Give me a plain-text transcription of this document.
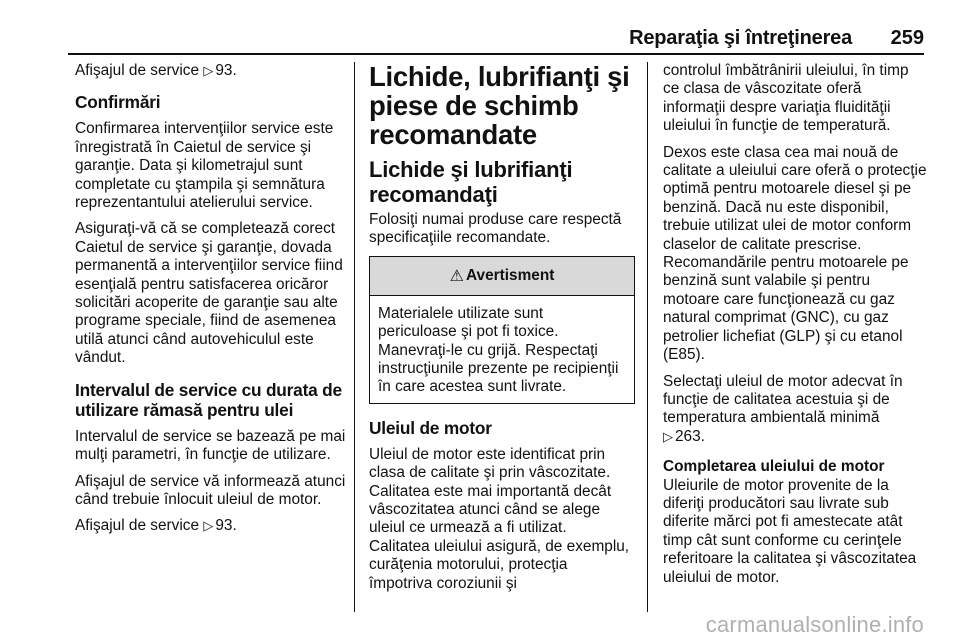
Reparaţia şi întreţinerea 259

Afişajul de service ▷ 93.

Confirmări

Confirmarea intervenţiilor service este înregistrată în Caietul de service şi garanţie. Data şi kilometrajul sunt completate cu ştampila şi semnătura reprezentantului atelierului service.

Asiguraţi-vă că se completează corect Caietul de service şi garanţie, dovada permanentă a intervenţiilor service fiind esenţială pentru satisfacerea oricăror solicitări acoperite de garanţie sau alte programe speciale, fiind de asemenea utilă atunci când autovehiculul este vândut.

Intervalul de service cu durata de utilizare rămasă pentru ulei

Intervalul de service se bazează pe mai mulţi parametri, în funcţie de utilizare.

Afişajul de service vă informează atunci când trebuie înlocuit uleiul de motor.

Afişajul de service ▷ 93.

Lichide, lubrifianţi şi piese de schimb recomandate
Lichide şi lubrifianţi recomandaţi

Folosiţi numai produse care respectă specificaţiile recomandate.

⚠ Avertisment

Materialele utilizate sunt periculoase şi pot fi toxice. Manevraţi-le cu grijă. Respectaţi instrucţiunile prezente pe recipienţii în care acestea sunt livrate.

Uleiul de motor

Uleiul de motor este identificat prin clasa de calitate şi prin vâscozitate. Calitatea este mai importantă decât vâscozitatea atunci când se alege uleiul ce urmează a fi utilizat.

Calitatea uleiului asigură, de exemplu, curăţenia motorului, protecţia împotriva coroziunii şi

controlul îmbătrânirii uleiului, în timp ce clasa de vâscozitate oferă informaţii despre variaţia fluidităţii uleiului în funcţie de temperatură.

Dexos este clasa cea mai nouă de calitate a uleiului care oferă o protecţie optimă pentru motoarele diesel şi pe benzină. Dacă nu este disponibil, trebuie utilizat ulei de motor conform claselor de calitate prescrise. Recomandările pentru motoarele pe benzină sunt valabile şi pentru motoare care funcţionează cu gaz natural comprimat (GNC), cu gaz petrolier lichefiat (GLP) şi cu etanol (E85).

Selectaţi uleiul de motor adecvat în funcţie de calitatea acestuia şi de temperatura ambientală minimă
▷ 263.

Completarea uleiului de motor

Uleiurile de motor provenite de la diferiţi producători sau livrate sub diferite mărci pot fi amestecate atât timp cât sunt conforme cu cerinţele referitoare la calitatea şi vâscozitatea uleiului de motor.

carmanualsonline.info
